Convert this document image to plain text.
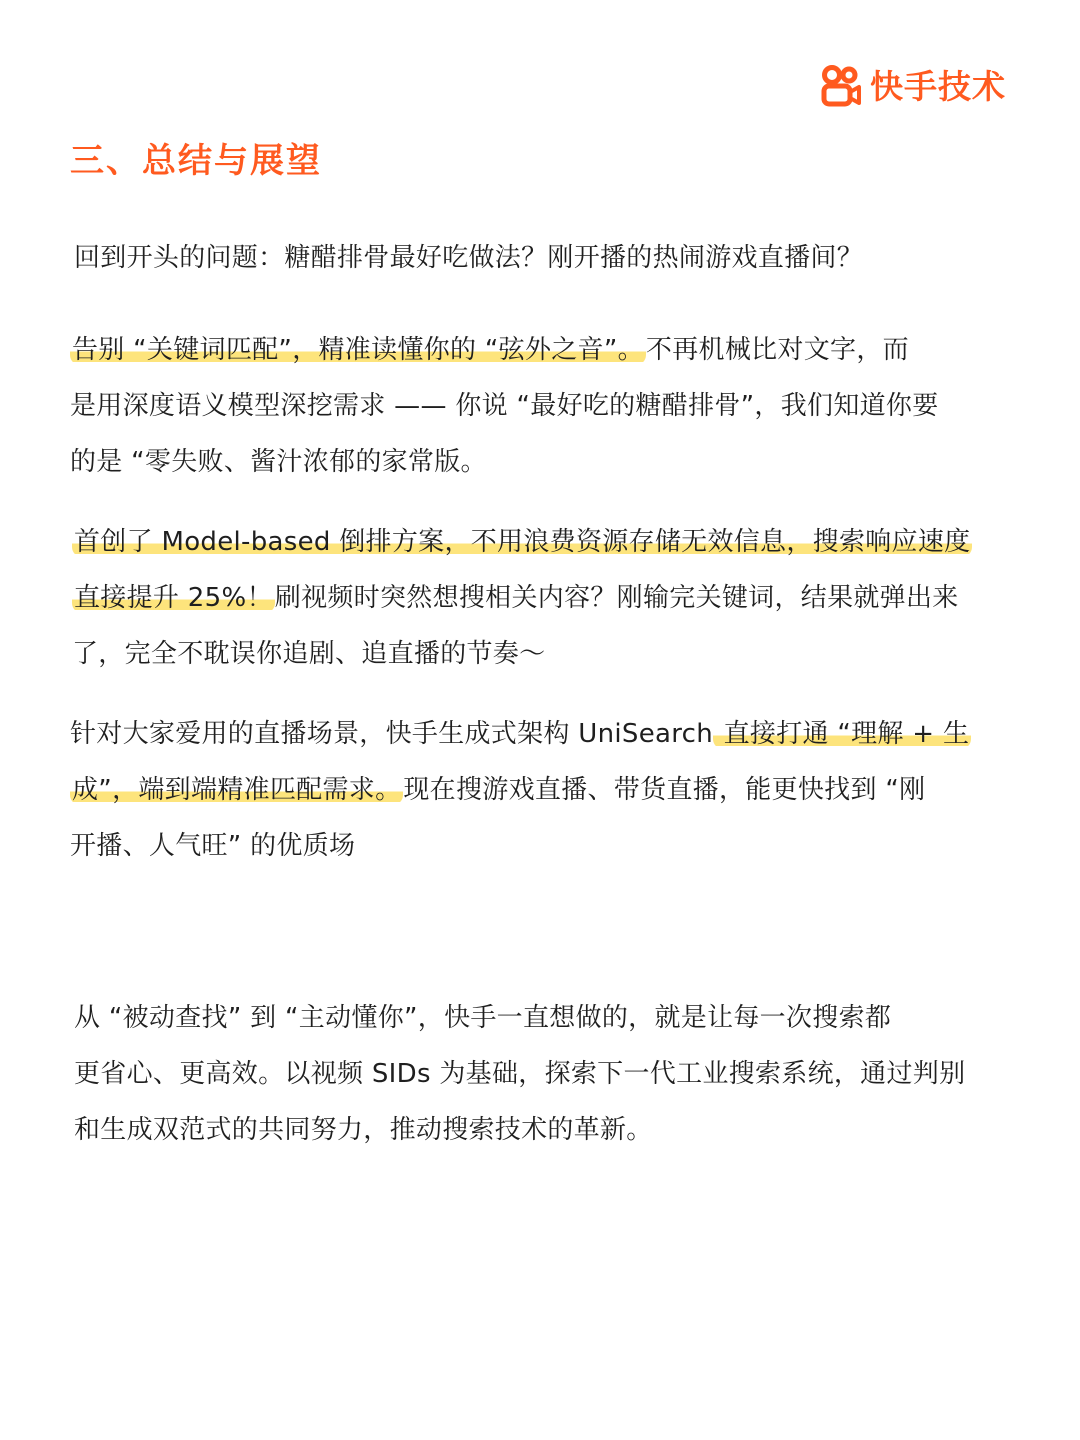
快手技术
三、总结与展望

回到开头的问题：糖醋排骨最好吃做法？刚开播的热闹游戏直播间？

告别 “关键词匹配”，精准读懂你的 “弦外之音”。不再机械比对文字，而
是用深度语义模型深挖需求 —— 你说 “最好吃的糖醋排骨”，我们知道你要
的是 “零失败、酱汁浓郁的家常版。

首创了 Model-based 倒排方案，不用浪费资源存储无效信息，搜索响应速度
直接提升 25%！刷视频时突然想搜相关内容？刚输完关键词，结果就弹出来
了，完全不耽误你追剧、追直播的节奏～

针对大家爱用的直播场景，快手生成式架构 UniSearch 直接打通 “理解 + 生
成”，端到端精准匹配需求。现在搜游戏直播、带货直播，能更快找到 “刚
开播、人气旺” 的优质场

从 “被动查找” 到 “主动懂你”，快手一直想做的，就是让每一次搜索都
更省心、更高效。以视频 SIDs 为基础，探索下一代工业搜索系统，通过判别
和生成双范式的共同努力，推动搜索技术的革新。
